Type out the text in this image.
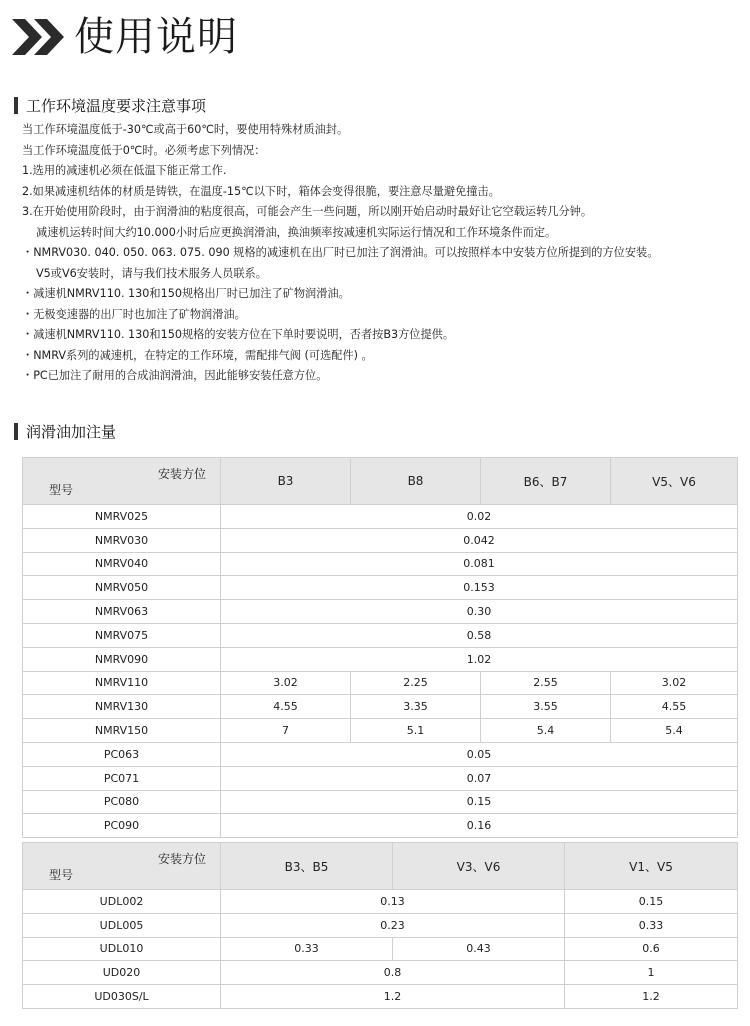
使用说明
工作环境温度要求注意事项
当工作环境温度低于-30℃或高于60℃时，要使用特殊材质油封。
当工作环境温度低于0℃时。必须考虑下列情况：
1.选用的减速机必须在低温下能正常工作.
2.如果减速机结体的材质是铸铁，在温度-15℃以下时，箱体会变得很脆，要注意尽量避免撞击。
3.在开始使用阶段时，由于润滑油的粘度很高，可能会产生一些问题，所以刚开始启动时最好让它空载运转几分钟。
减速机运转时间大约10.000小时后应更换润滑油，换油频率按减速机实际运行情况和工作环境条件而定。
・NMRV030. 040. 050. 063. 075. 090 规格的减速机在出厂时已加注了润滑油。可以按照样本中安装方位所提到的方位安装。
V5或V6安装时，请与我们技术服务人员联系。
・减速机NMRV110. 130和150规格出厂时已加注了矿物润滑油。
・无极变速器的出厂时也加注了矿物润滑油。
・减速机NMRV110. 130和150规格的安装方位在下单时要说明，否者按B3方位提供。
・NMRV系列的减速机，在特定的工作环境，需配排气阀 (可选配件) 。
・PC已加注了耐用的合成油润滑油，因此能够安装任意方位。
润滑油加注量
安装方位
型号	B3	B8	B6、B7	V5、V6
NMRV025	0.02			
NMRV030	0.042			
NMRV040	0.081			
NMRV050	0.153			
NMRV063	0.30			
NMRV075	0.58			
NMRV090	1.02			
NMRV110	3.02	2.25	2.55	3.02
NMRV130	4.55	3.35	3.55	4.55
NMRV150	7	5.1	5.4	5.4
PC063	0.05			
PC071	0.07			
PC080	0.15			
PC090	0.16			
安装方位
型号	B3、B5	V3、V6	V1、V5
UDL002	0.13		0.15
UDL005	0.23		0.33
UDL010	0.33	0.43	0.6
UD020	0.8		1
UD030S/L	1.2		1.2
